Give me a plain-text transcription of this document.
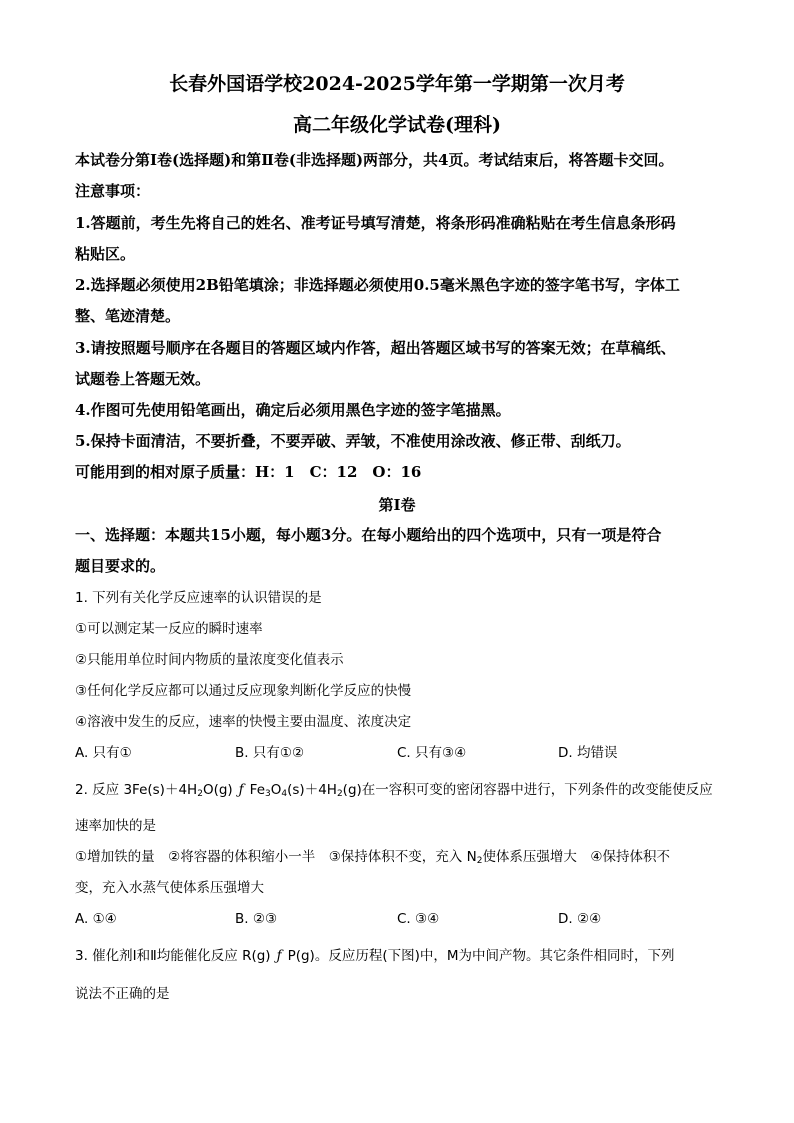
长春外国语学校2024-2025学年第一学期第一次月考
高二年级化学试卷(理科)
本试卷分第Ⅰ卷(选择题)和第Ⅱ卷(非选择题)两部分，共4页。考试结束后，将答题卡交回。
注意事项：
1.答题前，考生先将自己的姓名、准考证号填写清楚，将条形码准确粘贴在考生信息条形码
粘贴区。
2.选择题必须使用2B铅笔填涂；非选择题必须使用0.5毫米黑色字迹的签字笔书写，字体工
整、笔迹清楚。
3.请按照题号顺序在各题目的答题区域内作答，超出答题区域书写的答案无效；在草稿纸、
试题卷上答题无效。
4.作图可先使用铅笔画出，确定后必须用黑色字迹的签字笔描黑。
5.保持卡面清洁，不要折叠，不要弄破、弄皱，不准使用涂改液、修正带、刮纸刀。
可能用到的相对原子质量：H：1　C：12　O：16
第Ⅰ卷
一、选择题：本题共15小题，每小题3分。在每小题给出的四个选项中，只有一项是符合
题目要求的。
1. 下列有关化学反应速率的认识错误的是
①可以测定某一反应的瞬时速率
②只能用单位时间内物质的量浓度变化值表示
③任何化学反应都可以通过反应现象判断化学反应的快慢
④溶液中发生的反应，速率的快慢主要由温度、浓度决定
A. 只有①	B. 只有①②	C. 只有③④	D. 均错误
2. 反应 $3Fe(s)+4H_2O(g)$ ƒ $Fe_3O_4(s)+4H_2(g)$在一容积可变的密闭容器中进行，下列条件的改变能使反应
速率加快的是
①增加铁的量　②将容器的体积缩小一半　③保持体积不变，充入 $N_2$使体系压强增大　④保持体积不
变，充入水蒸气使体系压强增大
A. ①④	B. ②③	C. ③④	D. ②④
3. 催化剂Ⅰ和Ⅱ均能催化反应 R(g) ƒ P(g)。反应历程(下图)中，M为中间产物。其它条件相同时，下列
说法不正确的是
